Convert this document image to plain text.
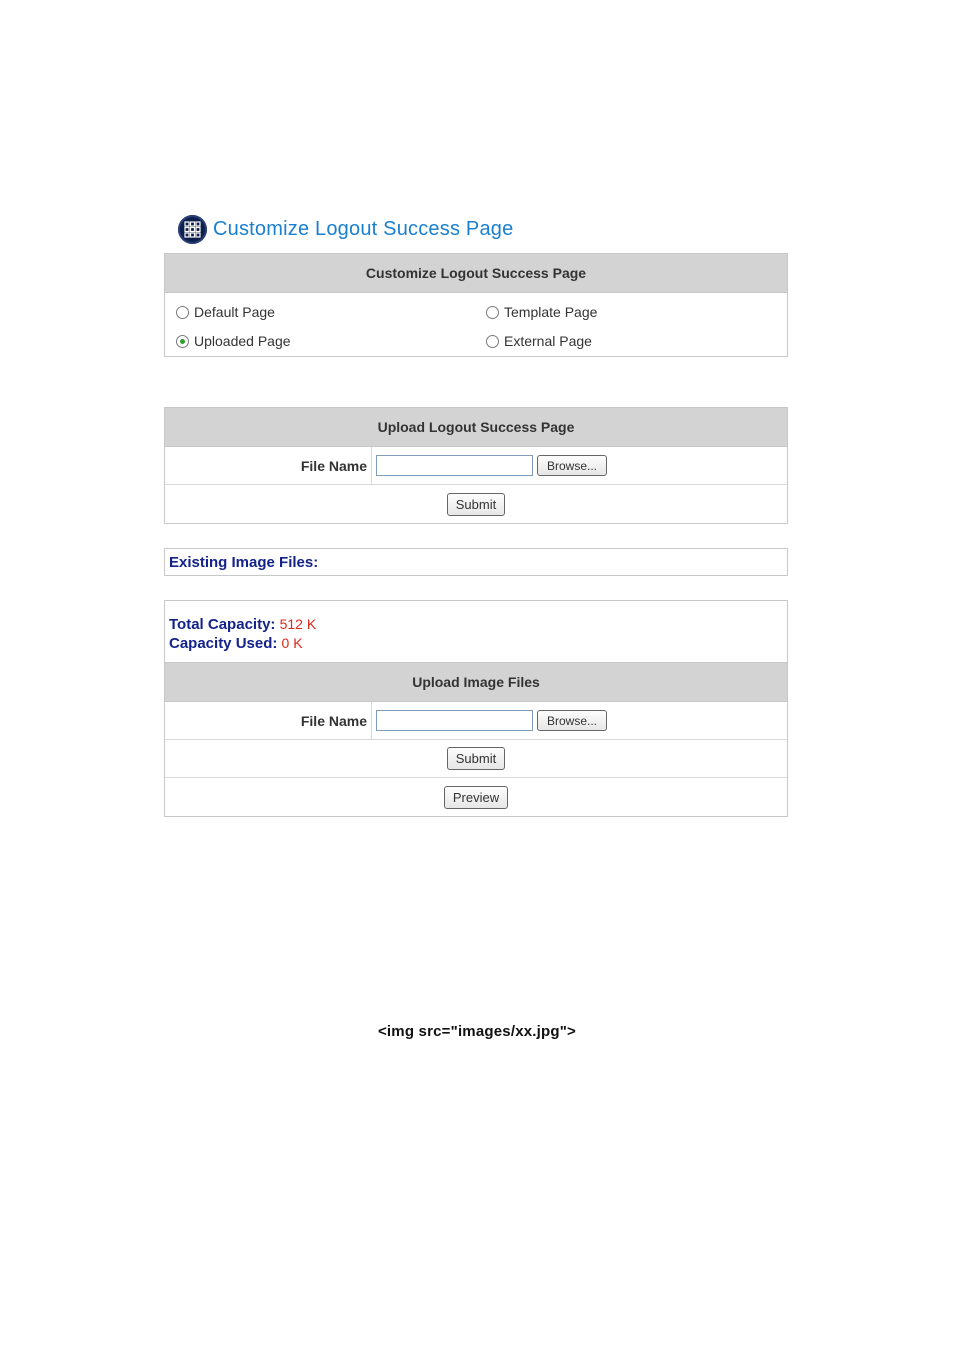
Customize Logout Success Page
Customize Logout Success Page
Default Page	Template Page
Uploaded Page	External Page
Upload Logout Success Page
File Name	Browse...
Submit
Existing Image Files:
Total Capacity: 512 K
Capacity Used: 0 K
Upload Image Files
File Name	Browse...
Submit
Preview
<img src="images/xx.jpg">
